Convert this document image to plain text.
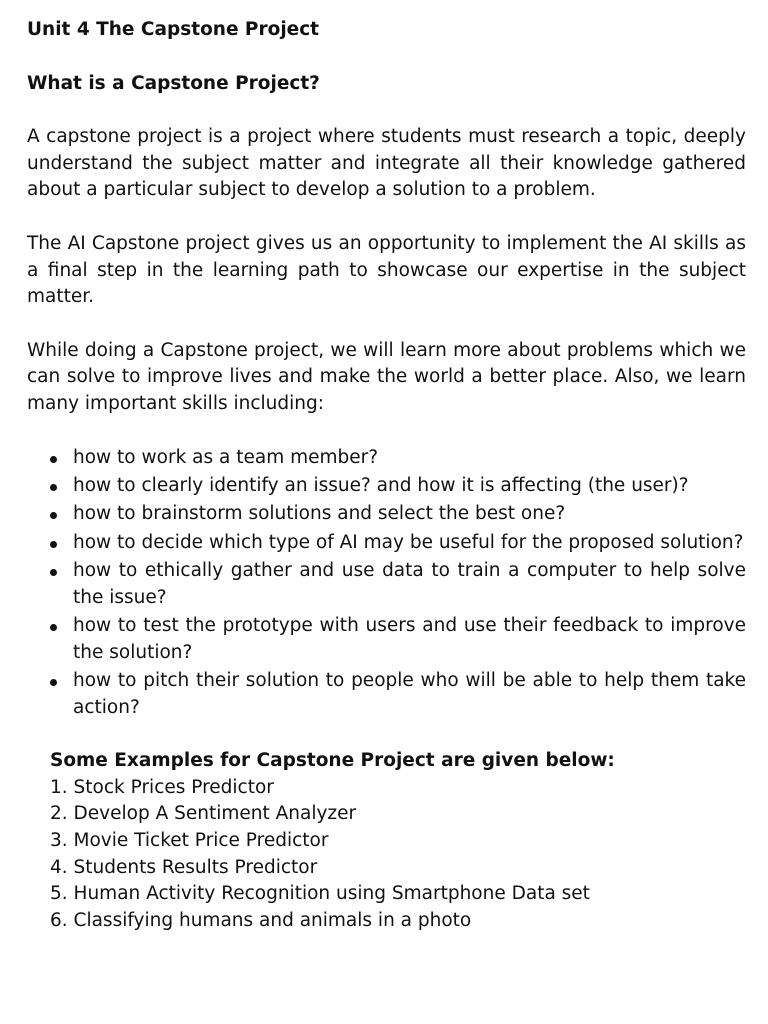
Unit 4 The Capstone Project
What is a Capstone Project?

A capstone project is a project where students must research a topic, deeply understand the subject matter and integrate all their knowledge gathered about a particular subject to develop a solution to a problem.

The AI Capstone project gives us an opportunity to implement the AI skills as a final step in the learning path to showcase our expertise in the subject matter.

While doing a Capstone project, we will learn more about problems which we can solve to improve lives and make the world a better place. Also, we learn many important skills including:

how to work as a team member?
how to clearly identify an issue? and how it is affecting (the user)?
how to brainstorm solutions and select the best one?
how to decide which type of AI may be useful for the proposed solution?
how to ethically gather and use data to train a computer to help solve the issue?
how to test the prototype with users and use their feedback to improve the solution?
how to pitch their solution to people who will be able to help them take action?
Some Examples for Capstone Project are given below:
1. Stock Prices Predictor
2. Develop A Sentiment Analyzer
3. Movie Ticket Price Predictor
4. Students Results Predictor
5. Human Activity Recognition using Smartphone Data set
6. Classifying humans and animals in a photo
